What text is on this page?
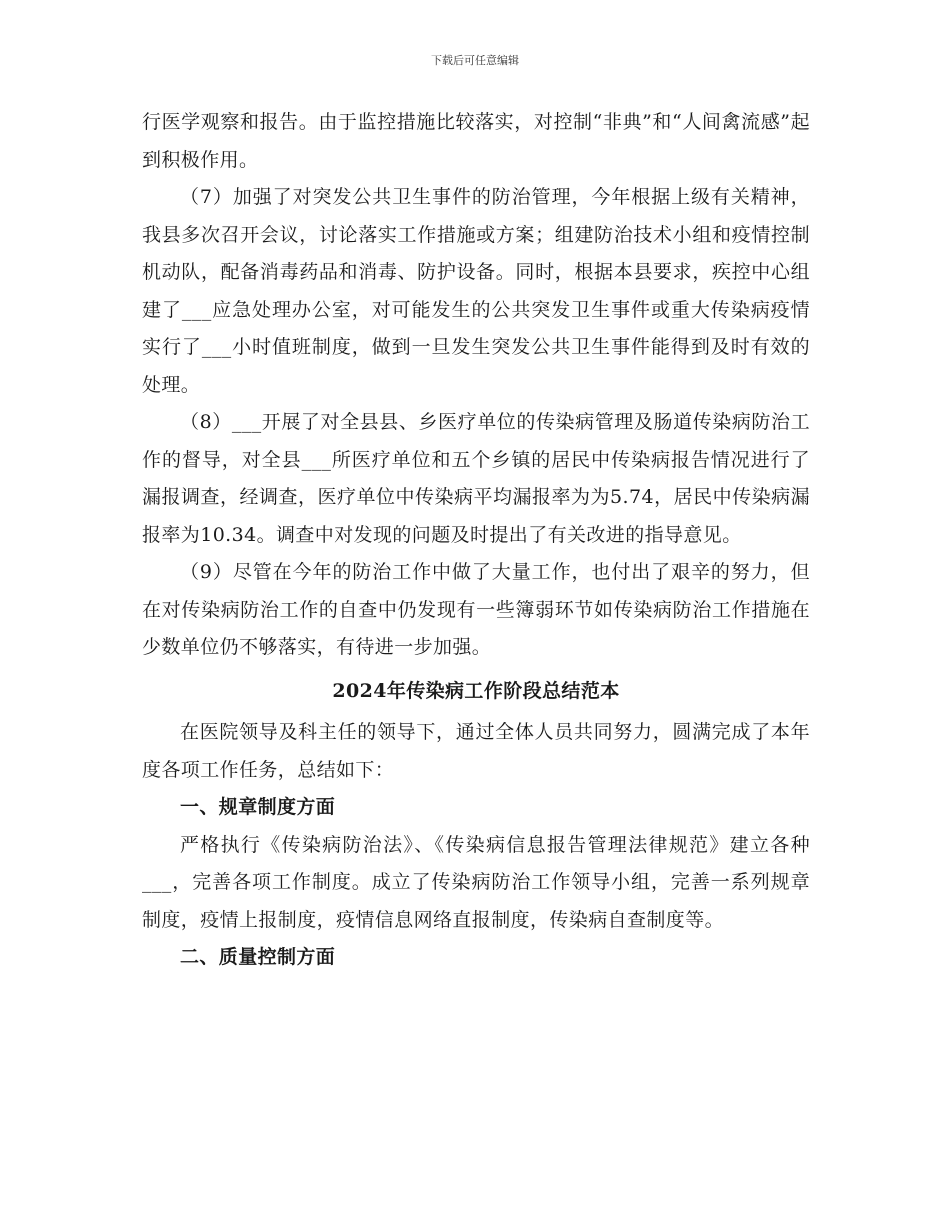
下载后可任意编辑

行医学观察和报告。由于监控措施比较落实，对控制“非典”和“人间禽流感”起到积极作用。

（7）加强了对突发公共卫生事件的防治管理，今年根据上级有关精神，我县多次召开会议，讨论落实工作措施或方案；组建防治技术小组和疫情控制机动队，配备消毒药品和消毒、防护设备。同时，根据本县要求，疾控中心组建了___应急处理办公室，对可能发生的公共突发卫生事件或重大传染病疫情实行了___小时值班制度，做到一旦发生突发公共卫生事件能得到及时有效的处理。

（8）___开展了对全县县、乡医疗单位的传染病管理及肠道传染病防治工作的督导，对全县___所医疗单位和五个乡镇的居民中传染病报告情况进行了漏报调查，经调查，医疗单位中传染病平均漏报率为为5.74，居民中传染病漏报率为10.34。调查中对发现的问题及时提出了有关改进的指导意见。

（9）尽管在今年的防治工作中做了大量工作，也付出了艰辛的努力，但在对传染病防治工作的自查中仍发现有一些簿弱环节如传染病防治工作措施在少数单位仍不够落实，有待进一步加强。

2024年传染病工作阶段总结范本

在医院领导及科主任的领导下，通过全体人员共同努力，圆满完成了本年度各项工作任务，总结如下：

一、规章制度方面

严格执行《传染病防治法》、《传染病信息报告管理法律规范》建立各种___，完善各项工作制度。成立了传染病防治工作领导小组，完善一系列规章制度，疫情上报制度，疫情信息网络直报制度，传染病自查制度等。

二、质量控制方面
